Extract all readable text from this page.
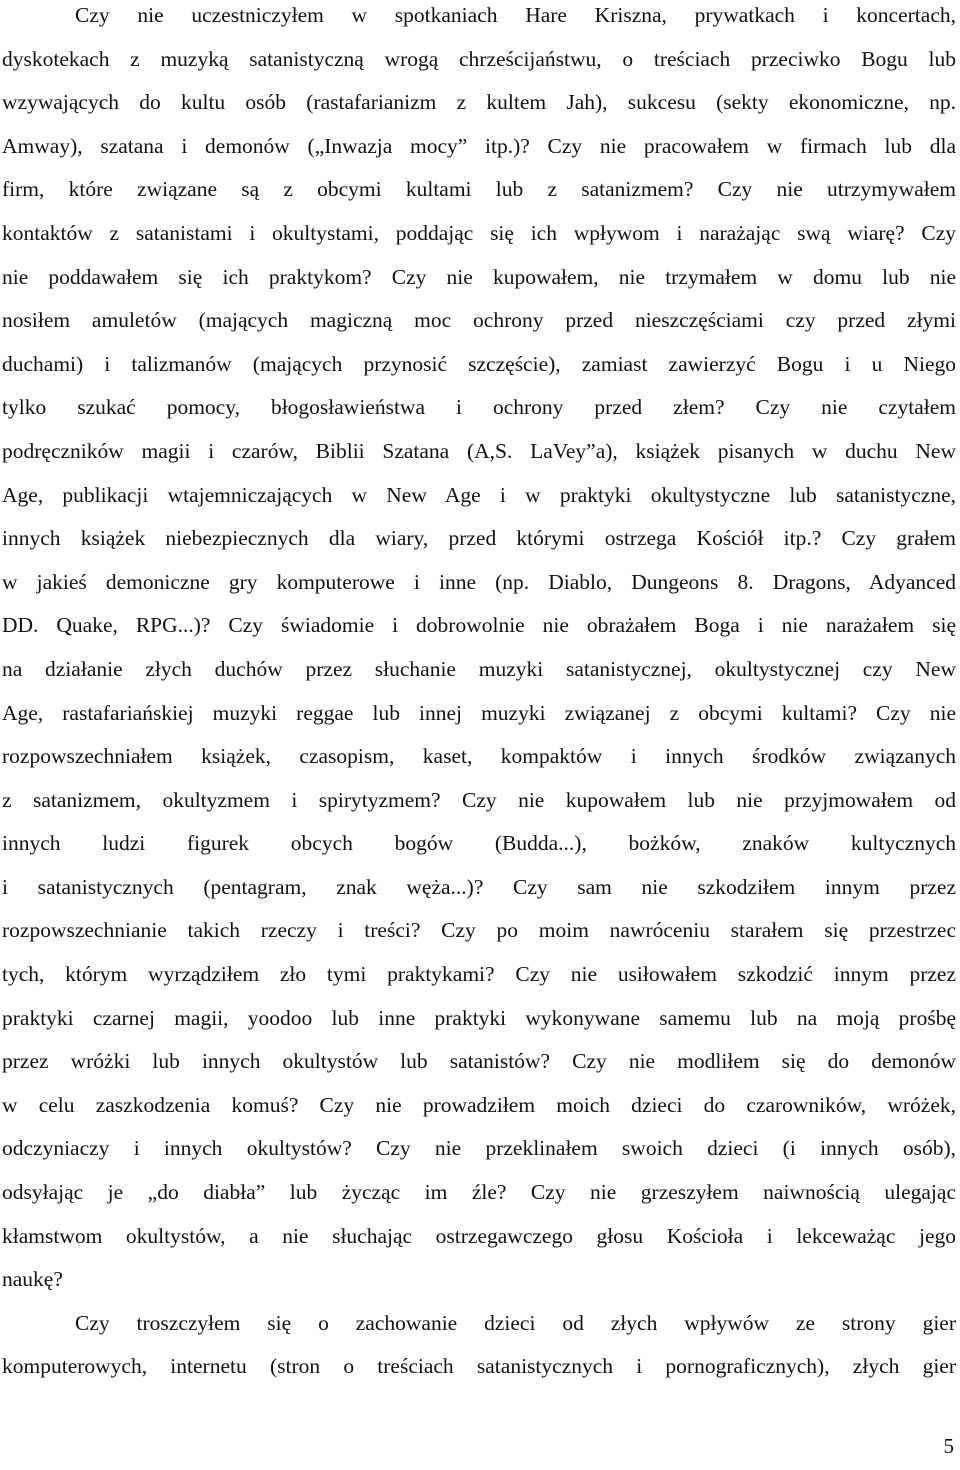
Czy nie uczestniczyłem w spotkaniach Hare Kriszna, prywatkach i koncertach,
dyskotekach z muzyką satanistyczną wrogą chrześcijaństwu, o treściach przeciwko Bogu lub
wzywających do kultu osób (rastafarianizm z kultem Jah), sukcesu (sekty ekonomiczne, np.
Amway), szatana i demonów („Inwazja mocy” itp.)? Czy nie pracowałem w firmach lub dla
firm, które związane są z obcymi kultami lub z satanizmem? Czy nie utrzymywałem
kontaktów z satanistami i okultystami, poddając się ich wpływom i narażając swą wiarę? Czy
nie poddawałem się ich praktykom? Czy nie kupowałem, nie trzymałem w domu lub nie
nosiłem amuletów (mających magiczną moc ochrony przed nieszczęściami czy przed złymi
duchami) i talizmanów (mających przynosić szczęście), zamiast zawierzyć Bogu i u Niego
tylko szukać pomocy, błogosławieństwa i ochrony przed złem? Czy nie czytałem
podręczników magii i czarów, Biblii Szatana (A,S. LaVey”a), książek pisanych w duchu New
Age, publikacji wtajemniczających w New Age i w praktyki okultystyczne lub satanistyczne,
innych książek niebezpiecznych dla wiary, przed którymi ostrzega Kościół itp.? Czy grałem
w jakieś demoniczne gry komputerowe i inne (np. Diablo, Dungeons 8. Dragons, Adyanced
DD. Quake, RPG...)? Czy świadomie i dobrowolnie nie obrażałem Boga i nie narażałem się
na działanie złych duchów przez słuchanie muzyki satanistycznej, okultystycznej czy New
Age, rastafariańskiej muzyki reggae lub innej muzyki związanej z obcymi kultami? Czy nie
rozpowszechniałem książek, czasopism, kaset, kompaktów i innych środków związanych
z satanizmem, okultyzmem i spirytyzmem? Czy nie kupowałem lub nie przyjmowałem od
innych ludzi figurek obcych bogów (Budda...), bożków, znaków kultycznych
i satanistycznych (pentagram, znak węża...)? Czy sam nie szkodziłem innym przez
rozpowszechnianie takich rzeczy i treści? Czy po moim nawróceniu starałem się przestrzec
tych, którym wyrządziłem zło tymi praktykami? Czy nie usiłowałem szkodzić innym przez
praktyki czarnej magii, yoodoo lub inne praktyki wykonywane samemu lub na moją prośbę
przez wróżki lub innych okultystów lub satanistów? Czy nie modliłem się do demonów
w celu zaszkodzenia komuś? Czy nie prowadziłem moich dzieci do czarowników, wróżek,
odczyniaczy i innych okultystów? Czy nie przeklinałem swoich dzieci (i innych osób),
odsyłając je „do diabła” lub życząc im źle? Czy nie grzeszyłem naiwnością ulegając
kłamstwom okultystów, a nie słuchając ostrzegawczego głosu Kościoła i lekceważąc jego
naukę?
Czy troszczyłem się o zachowanie dzieci od złych wpływów ze strony gier
komputerowych, internetu (stron o treściach satanistycznych i pornograficznych), złych gier
5
